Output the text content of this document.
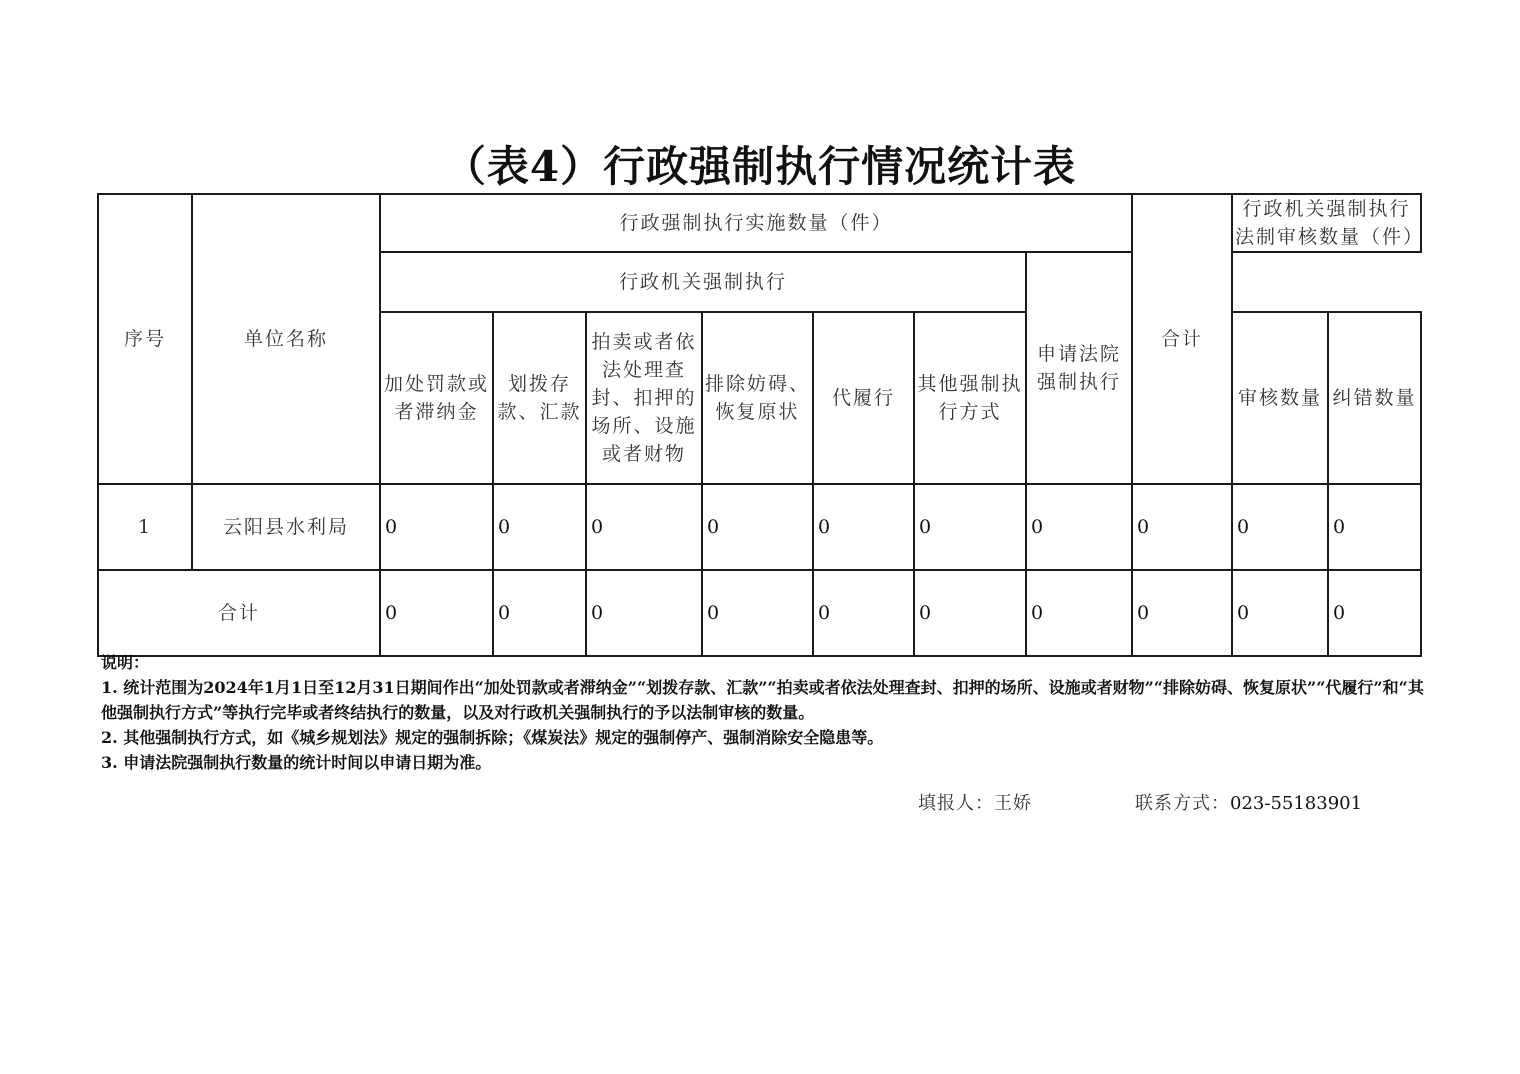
（表4）行政强制执行情况统计表
序号	单位名称	行政强制执行实施数量（件）							合计	行政机关强制执行法制审核数量（件）	
		行政机关强制执行						申请法院强制执行			
		加处罚款或者滞纳金	划拨存款、汇款	拍卖或者依法处理查封、扣押的场所、设施或者财物	排除妨碍、恢复原状	代履行	其他强制执行方式			审核数量	纠错数量
1	云阳县水利局	0	0	0	0	0	0	0	0	0	0
合计		0	0	0	0	0	0	0	0	0	0

说明：

1. 统计范围为2024年1月1日至12月31日期间作出“加处罚款或者滞纳金”“划拨存款、汇款”“拍卖或者依法处理查封、扣押的场所、设施或者财物”“排除妨碍、恢复原状”“代履行”和“其他强制执行方式”等执行完毕或者终结执行的数量，以及对行政机关强制执行的予以法制审核的数量。

2. 其他强制执行方式，如《城乡规划法》规定的强制拆除；《煤炭法》规定的强制停产、强制消除安全隐患等。

3. 申请法院强制执行数量的统计时间以申请日期为准。

填报人：王娇	联系方式：023-55183901
